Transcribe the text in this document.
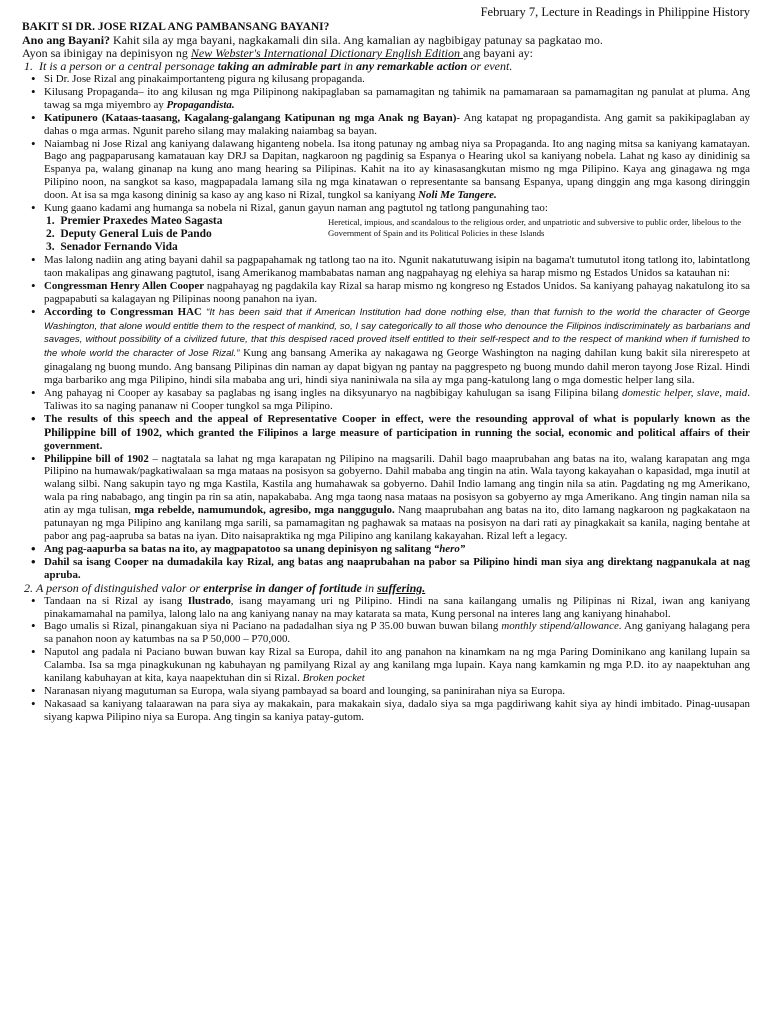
February 7, Lecture in Readings in Philippine History
BAKIT SI DR. JOSE RIZAL ANG PAMBANSANG BAYANI?
Ano ang Bayani? Kahit sila ay mga bayani, nagkakamali din sila. Ang kamalian ay nagbibigay patunay sa pagkatao mo.
Ayon sa ibinigay na depinisyon ng New Webster's International Dictionary English Edition ang bayani ay:
1. It is a person or a central personage taking an admirable part in any remarkable action or event.
• Si Dr. Jose Rizal ang pinakaimportanteng pigura ng kilusang propaganda.
• Kilusang Propaganda– ito ang kilusan ng mga Pilipinong nakipaglaban sa pamamagitan ng tahimik na pamamaraan sa pamamagitan ng panulat at pluma. Ang tawag sa mga miyembro ay Propagandista.
• Katipunero (Kataas-taasang, Kagalang-galangang Katipunan ng mga Anak ng Bayan)- Ang katapat ng propagandista. Ang gamit sa pakikipaglaban ay dahas o mga armas. Ngunit pareho silang may malaking naiambag sa bayan.
• Naiambag ni Jose Rizal ang kaniyang dalawang higanteng nobela. Isa itong patunay ng ambag niya sa Propaganda. Ito ang naging mitsa sa kaniyang kamatayan. Bago ang pagpaparusang kamatauan kay DRJ sa Dapitan, nagkaroon ng pagdinig sa Espanya o Hearing ukol sa kaniyang nobela. Lahat ng kaso ay dinidinig sa Espanya pa, walang ginanap na kung ano mang hearing sa Pilipinas. Kahit na ito ay kinasasangkutan mismo ng mga Pilipino. Kaya ang ginagawa ng mga Pilipino noon, na sangkot sa kaso, magpapadala lamang sila ng mga kinatawan o representante sa bansang Espanya, upang dinggin ang mga kasong diringgin doon. At isa sa mga kasong dininig sa kaso ay ang kaso ni Rizal, tungkol sa kaniyang Noli Me Tangere.
• Kung gaano kadami ang humanga sa nobela ni Rizal, ganun gayun naman ang pagtutol ng tatlong pangunahing tao:
1. Premier Praxedes Mateo Sagasta
2. Deputy General Luis de Pando
3. Senador Fernando Vida
Heretical, impious, and scandalous to the religious order, and unpatriotic and subversive to public order, libelous to the Government of Spain and its Political Policies in these Islands
• Mas lalong nadiin ang ating bayani dahil sa pagpapahamak ng tatlong tao na ito. Ngunit nakatutuwang isipin na bagama't tumututol itong tatlong ito, labintatlong taon makalipas ang ginawang pagtutol, isang Amerikanog mambabatas naman ang nagpahayag ng elehiya sa harap mismo ng Estados Unidos sa katauhan ni:
• Congressman Henry Allen Cooper nagpahayag ng pagdakila kay Rizal sa harap mismo ng kongreso ng Estados Unidos. Sa kaniyang pahayag nakatulong ito sa pagpapabuti sa kalagayan ng Pilipinas noong panahon na iyan.
• According to Congressman HAC “It has been said that if American Institution had done nothing else, than that furnish to the world the character of George Washington, that alone would entitle them to the respect of mankind, so, I say categorically to all those who denounce the Filipinos indiscriminately as barbarians and savages, without possibility of a civilized future, that this despised raced proved itself entitled to their self-respect and to the respect of mankind when if furnished to the whole world the character of Jose Rizal.” Kung ang bansang Amerika ay nakagawa ng George Washington na naging dahilan kung bakit sila nirerespeto at ginagalang ng buong mundo. Ang bansang Pilipinas din naman ay dapat bigyan ng pantay na paggrespeto ng buong mundo dahil meron tayong Jose Rizal. Hindi mga barbariko ang mga Pilipino, hindi sila mababa ang uri, hindi siya naniniwala na sila ay mga pang-katulong lang o mga domestic helper lang sila.
• Ang pahayag ni Cooper ay kasabay sa paglabas ng isang ingles na diksyunaryo na nagbibigay kahulugan sa isang Filipina bilang domestic helper, slave, maid. Taliwas ito sa naging pananaw ni Cooper tungkol sa mga Pilipino.
• The results of this speech and the appeal of Representative Cooper in effect, were the resounding approval of what is popularly known as the Philippine bill of 1902, which granted the Filipinos a large measure of participation in running the social, economic and political affairs of their government.
• Philippine bill of 1902 – nagtatala sa lahat ng mga karapatan ng Pilipino na magsarili. Dahil bago maaprubahan ang batas na ito, walang karapatan ang mga Pilipino na humawak/pagkatiwalaan sa mga mataas na posisyon sa gobyerno. Dahil mababa ang tingin na atin. Wala tayong kakayahan o kapasidad, mga inutil at walang silbi. Nang sakupin tayo ng mga Kastila, Kastila ang humahawak sa gobyerno. Dahil Indio lamang ang tingin nila sa atin. Pagdating ng mg Amerikano, wala pa ring nababago, ang tingin pa rin sa atin, napakababa. Ang mga taong nasa mataas na posisyon sa gobyerno ay mga Amerikano. Ang tingin naman nila sa atin ay mga tulisan, mga rebelde, namumundok, agresibo, mga nanggugulo. Nang maaprubahan ang batas na ito, dito lamang nagkaroon ng pagkakataon na patunayan ng mga Pilipino ang kanilang mga sarili, sa pamamagitan ng paghawak sa mataas na posisyon na dari rati ay pinagkakait sa kanila, naging bentahe at pabor ang pag-aapruba sa batas na iyan. Dito naisapraktika ng mga Pilipino ang kanilang kakayahan. Rizal left a legacy.
• Ang pag-aapurba sa batas na ito, ay magpapatotoo sa unang depinisyon ng salitang “hero”
• Dahil sa isang Cooper na dumadakila kay Rizal, ang batas ang naaprubahan na pabor sa Pilipino hindi man siya ang direktang nagpanukala at nag apruba.
2. A person of distinguished valor or enterprise in danger of fortitude in suffering.
• Tandaan na si Rizal ay isang Ilustrado, isang mayamang uri ng Pilipino. Hindi na sana kailangang umalis ng Pilipinas ni Rizal, iwan ang kaniyang pinakamamahal na pamilya, lalong lalo na ang kaniyang nanay na may katarata sa mata, Kung personal na interes lang ang kaniyang hinahabol.
• Bago umalis si Rizal, pinangakuan siya ni Paciano na padadalhan siya ng P 35.00 buwan buwan bilang monthly stipend/allowance. Ang ganiyang halagang pera sa panahon noon ay katumbas na sa P 50,000 – P70,000.
• Naputol ang padala ni Paciano buwan buwan kay Rizal sa Europa, dahil ito ang panahon na kinamkam na ng mga Paring Dominikano ang kanilang lupain sa Calamba. Isa sa mga pinagkukunan ng kabuhayan ng pamilyang Rizal ay ang kanilang mga lupain. Kaya nang kamkamin ng mga P.D. ito ay naapektuhan ang kanilang kabuhayan at kita, kaya naapektuhan din si Rizal. Broken pocket
• Naranasan niyang magutuman sa Europa, wala siyang pambayad sa board and lounging, sa paninirahan niya sa Europa.
• Nakasaad sa kaniyang talaarawan na para siya ay makakain, para makakain siya, dadalo siya sa mga pagdiriwang kahit siya ay hindi imbitado. Pinag-uusapan siyang kapwa Pilipino niya sa Europa. Ang tingin sa kaniya patay-gutom.
